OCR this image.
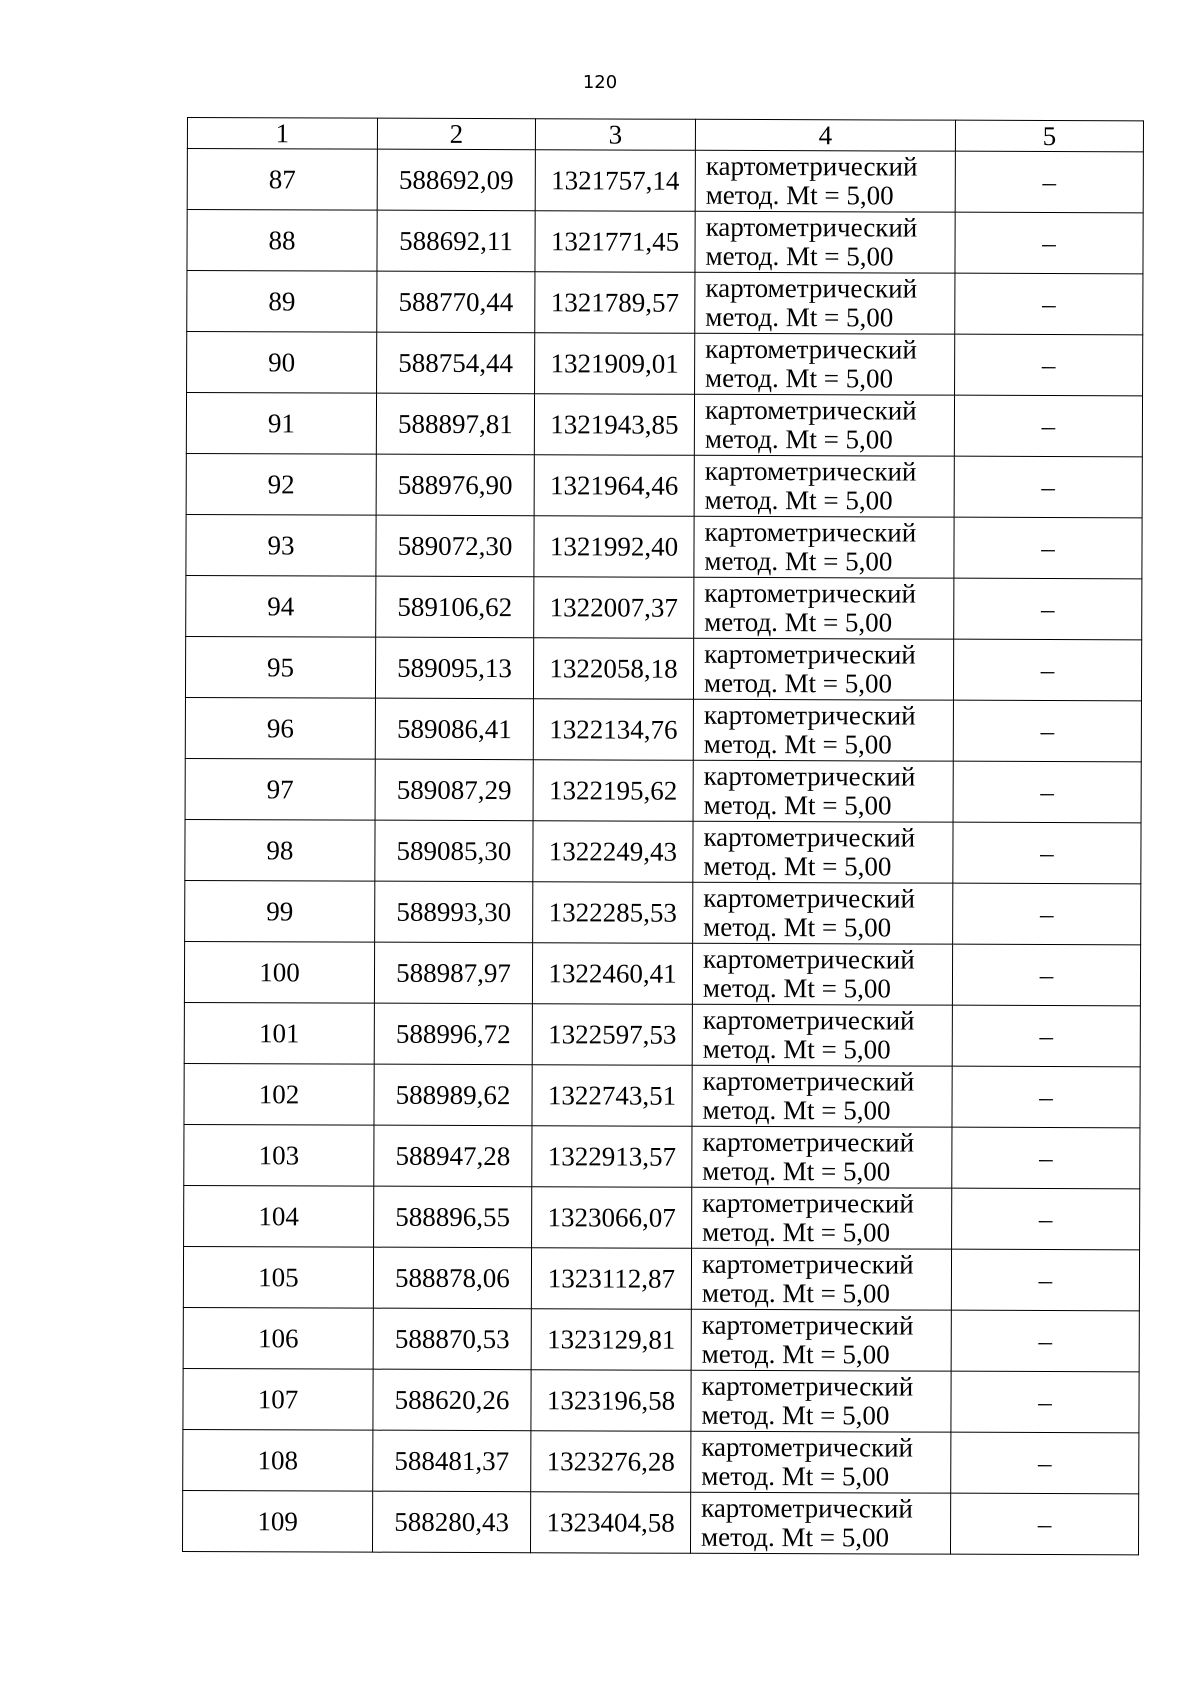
120
1	2	3	4	5
87	588692,09	1321757,14	картометрический
метод. Mt = 5,00	–
88	588692,11	1321771,45	картометрический
метод. Mt = 5,00	–
89	588770,44	1321789,57	картометрический
метод. Mt = 5,00	–
90	588754,44	1321909,01	картометрический
метод. Mt = 5,00	–
91	588897,81	1321943,85	картометрический
метод. Mt = 5,00	–
92	588976,90	1321964,46	картометрический
метод. Mt = 5,00	–
93	589072,30	1321992,40	картометрический
метод. Mt = 5,00	–
94	589106,62	1322007,37	картометрический
метод. Mt = 5,00	–
95	589095,13	1322058,18	картометрический
метод. Mt = 5,00	–
96	589086,41	1322134,76	картометрический
метод. Mt = 5,00	–
97	589087,29	1322195,62	картометрический
метод. Mt = 5,00	–
98	589085,30	1322249,43	картометрический
метод. Mt = 5,00	–
99	588993,30	1322285,53	картометрический
метод. Mt = 5,00	–
100	588987,97	1322460,41	картометрический
метод. Mt = 5,00	–
101	588996,72	1322597,53	картометрический
метод. Mt = 5,00	–
102	588989,62	1322743,51	картометрический
метод. Mt = 5,00	–
103	588947,28	1322913,57	картометрический
метод. Mt = 5,00	–
104	588896,55	1323066,07	картометрический
метод. Mt = 5,00	–
105	588878,06	1323112,87	картометрический
метод. Mt = 5,00	–
106	588870,53	1323129,81	картометрический
метод. Mt = 5,00	–
107	588620,26	1323196,58	картометрический
метод. Mt = 5,00	–
108	588481,37	1323276,28	картометрический
метод. Mt = 5,00	–
109	588280,43	1323404,58	картометрический
метод. Mt = 5,00	–
